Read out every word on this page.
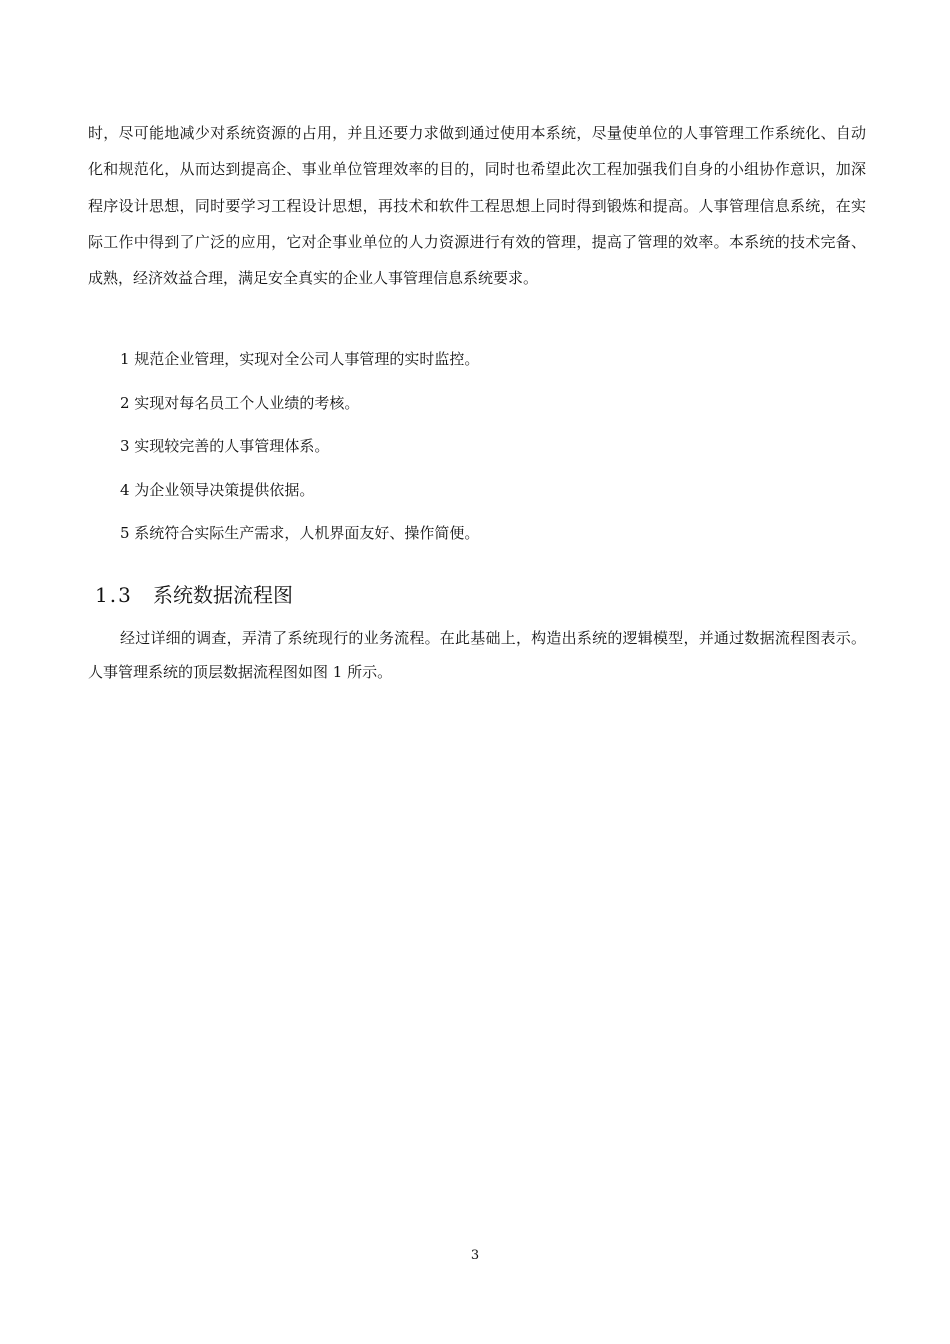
时，尽可能地减少对系统资源的占用，并且还要力求做到通过使用本系统，尽量使单位的人事管理工作系统化、自动化和规范化，从而达到提高企、事业单位管理效率的目的，同时也希望此次工程加强我们自身的小组协作意识，加深程序设计思想，同时要学习工程设计思想，再技术和软件工程思想上同时得到锻炼和提高。人事管理信息系统，在实际工作中得到了广泛的应用，它对企事业单位的人力资源进行有效的管理，提高了管理的效率。本系统的技术完备、成熟，经济效益合理，满足安全真实的企业人事管理信息系统要求。

1 规范企业管理，实现对全公司人事管理的实时监控。
2 实现对每名员工个人业绩的考核。
3 实现较完善的人事管理体系。
4 为企业领导决策提供依据。
5 系统符合实际生产需求，人机界面友好、操作简便。
1.3 系统数据流程图

经过详细的调查，弄清了系统现行的业务流程。在此基础上，构造出系统的逻辑模型，并通过数据流程图表示。人事管理系统的顶层数据流程图如图 1 所示。

3
